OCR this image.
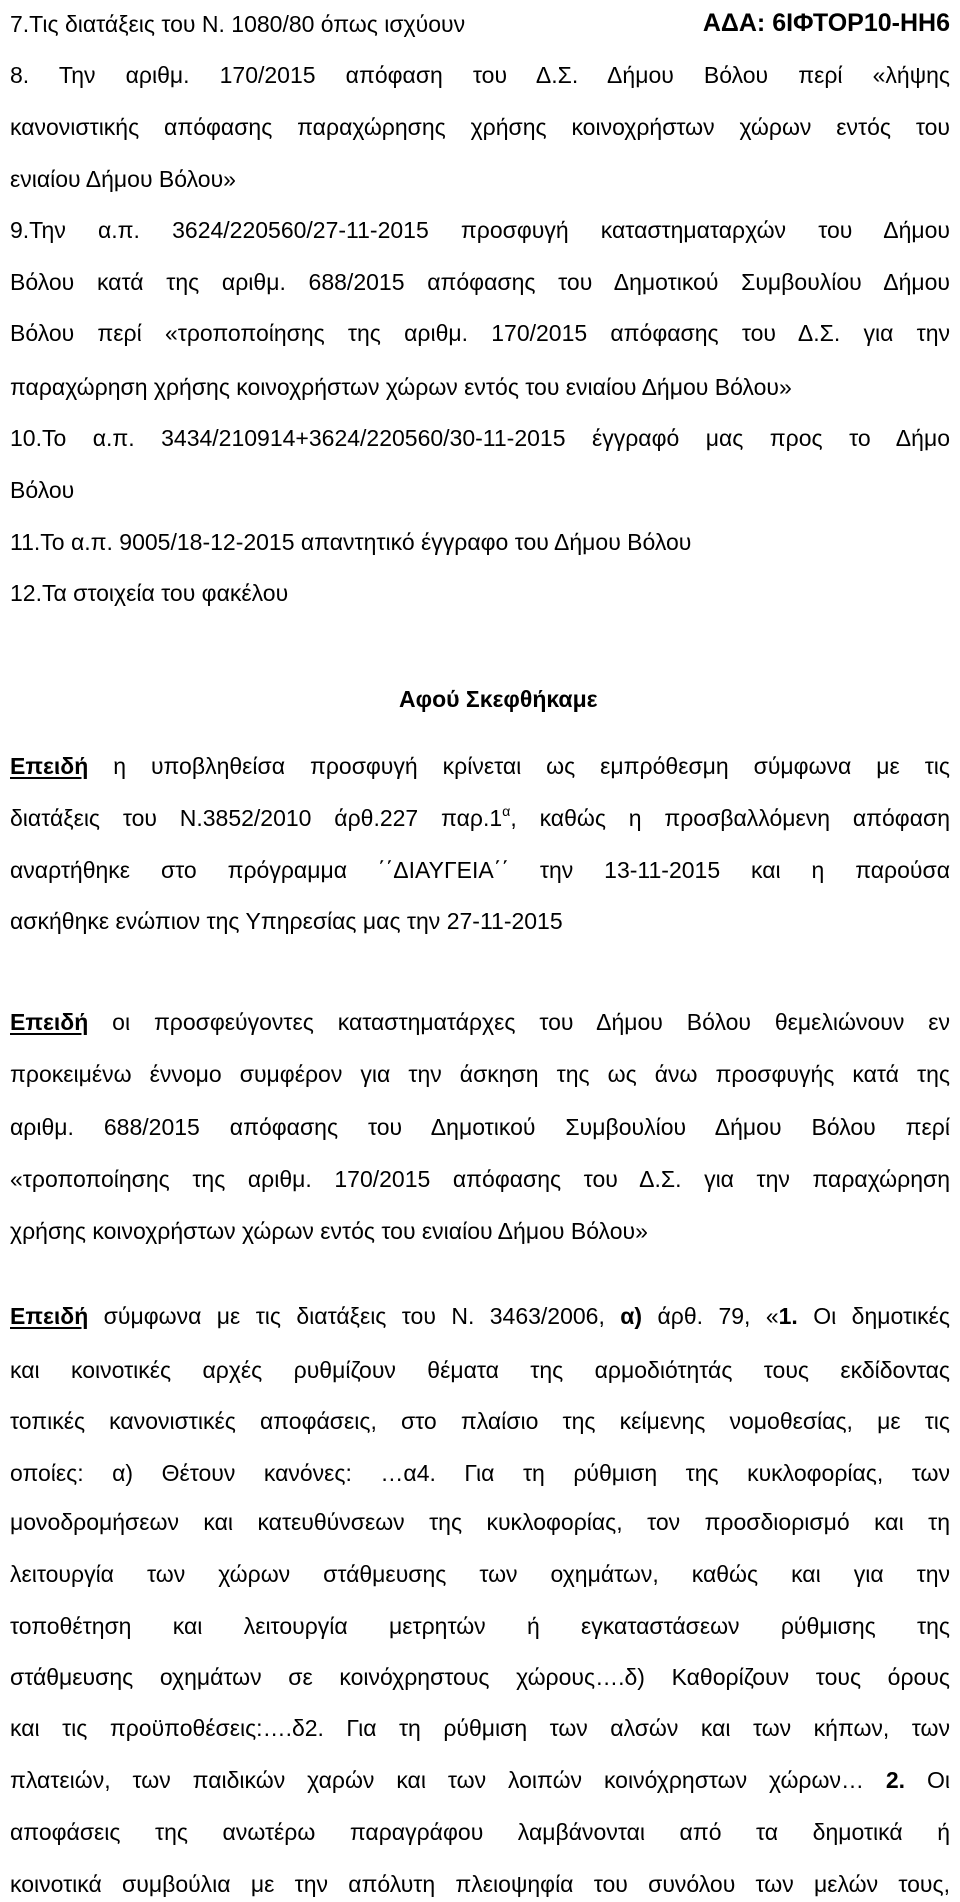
ΑΔΑ: 6ΙΦΤΟΡ10-ΗΗ6
7.Τις διατάξεις του Ν. 1080/80 όπως ισχύουν
8. Την αριθμ. 170/2015 απόφαση του Δ.Σ. Δήμου Βόλου περί «λήψης
κανονιστικής απόφασης παραχώρησης χρήσης κοινοχρήστων χώρων εντός του
ενιαίου Δήμου Βόλου»
9.Την α.π. 3624/220560/27-11-2015 προσφυγή καταστηματαρχών του Δήμου
Βόλου κατά της αριθμ. 688/2015 απόφασης του Δημοτικού Συμβουλίου Δήμου
Βόλου περί «τροποποίησης της αριθμ. 170/2015 απόφασης του Δ.Σ. για την
παραχώρηση χρήσης κοινοχρήστων χώρων εντός του ενιαίου Δήμου Βόλου»
10.Το α.π. 3434/210914+3624/220560/30-11-2015 έγγραφό μας προς το Δήμο
Βόλου
11.Το α.π. 9005/18-12-2015 απαντητικό έγγραφο του Δήμου Βόλου
12.Τα στοιχεία του φακέλου
Αφού Σκεφθήκαμε
Επειδή η υποβληθείσα προσφυγή κρίνεται ως εμπρόθεσμη σύμφωνα με τις
διατάξεις του Ν.3852/2010 άρθ.227 $\pi\alpha\rho.1^\alpha$, καθώς η προσβαλλόμενη απόφαση
αναρτήθηκε στο πρόγραμμα ΄΄ΔΙΑΥΓΕΙΑ΄΄ την 13-11-2015 και η παρούσα
ασκήθηκε ενώπιον της Υπηρεσίας μας την 27-11-2015
Επειδή οι προσφεύγοντες καταστηματάρχες του Δήμου Βόλου θεμελιώνουν εν
προκειμένω έννομο συμφέρον για την άσκηση της ως άνω προσφυγής κατά της
αριθμ. 688/2015 απόφασης του Δημοτικού Συμβουλίου Δήμου Βόλου περί
«τροποποίησης της αριθμ. 170/2015 απόφασης του Δ.Σ. για την παραχώρηση
χρήσης κοινοχρήστων χώρων εντός του ενιαίου Δήμου Βόλου»
Επειδή σύμφωνα με τις διατάξεις του Ν. 3463/2006, α) άρθ. 79, «1. Οι δημοτικές
και κοινοτικές αρχές ρυθμίζουν θέματα της αρμοδιότητάς τους εκδίδοντας
τοπικές κανονιστικές αποφάσεις, στο πλαίσιο της κείμενης νομοθεσίας, με τις
οποίες: α) Θέτουν κανόνες: …α4. Για τη ρύθμιση της κυκλοφορίας, των
μονοδρομήσεων και κατευθύνσεων της κυκλοφορίας, τον προσδιορισμό και τη
λειτουργία των χώρων στάθμευσης των οχημάτων, καθώς και για την
τοποθέτηση και λειτουργία μετρητών ή εγκαταστάσεων ρύθμισης της
στάθμευσης οχημάτων σε κοινόχρηστους χώρους….δ) Καθορίζουν τους όρους
και τις προϋποθέσεις:….δ2. Για τη ρύθμιση των αλσών και των κήπων, των
πλατειών, των παιδικών χαρών και των λοιπών κοινόχρηστων χώρων… 2. Οι
αποφάσεις της ανωτέρω παραγράφου λαμβάνονται από τα δημοτικά ή
κοινοτικά συμβούλια με την απόλυτη πλειοψηφία του συνόλου των μελών τους,
